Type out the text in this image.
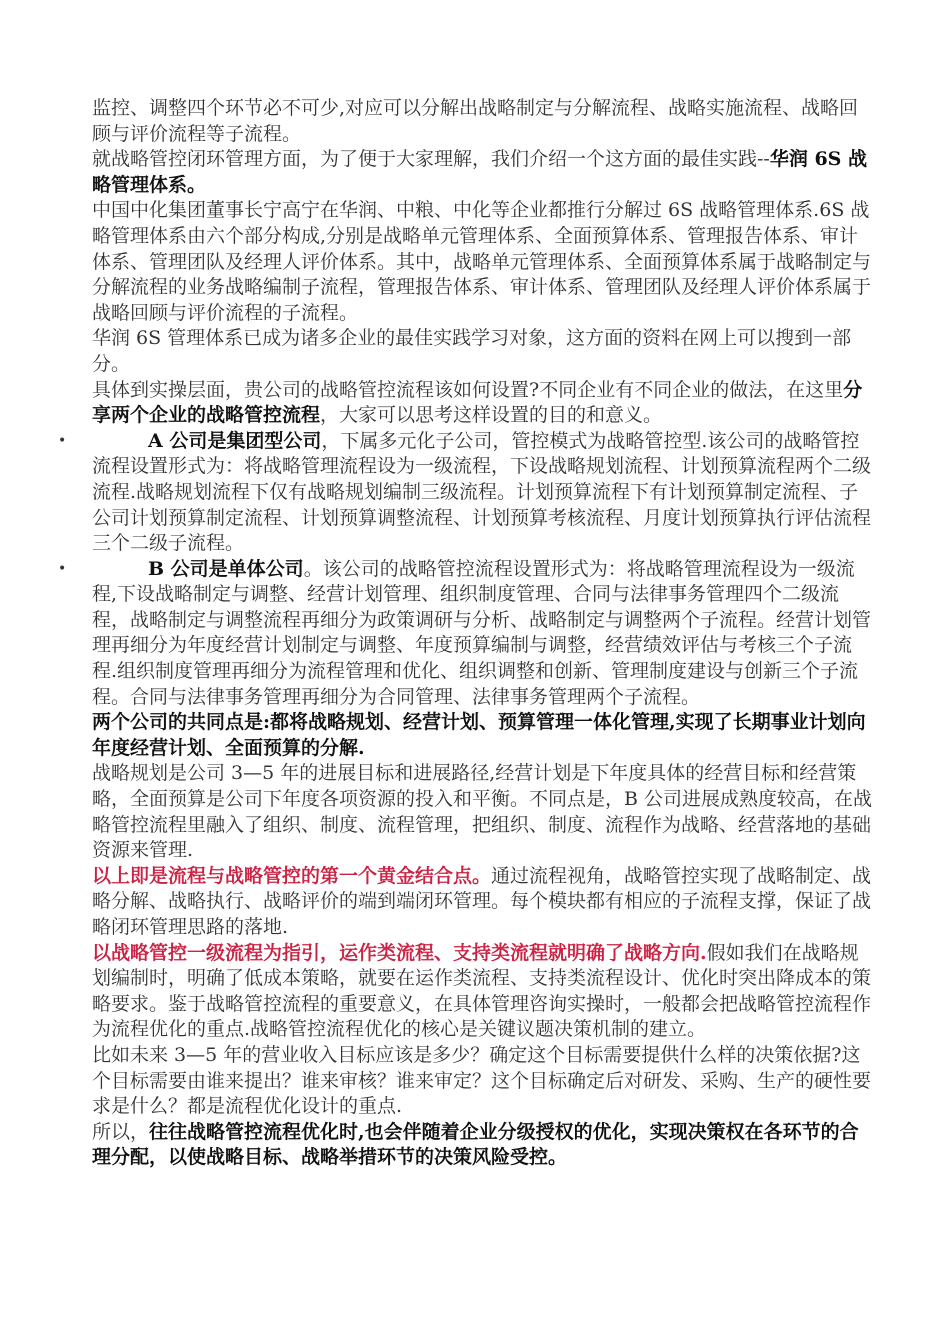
监控、调整四个环节必不可少,对应可以分解出战略制定与分解流程、战略实施流程、战略回顾与评价流程等子流程。

就战略管控闭环管理方面，为了便于大家理解，我们介绍一个这方面的最佳实践--华润 6S 战略管理体系。

中国中化集团董事长宁高宁在华润、中粮、中化等企业都推行分解过 6S 战略管理体系.6S 战略管理体系由六个部分构成,分别是战略单元管理体系、全面预算体系、管理报告体系、审计体系、管理团队及经理人评价体系。其中，战略单元管理体系、全面预算体系属于战略制定与分解流程的业务战略编制子流程，管理报告体系、审计体系、管理团队及经理人评价体系属于战略回顾与评价流程的子流程。

华润 6S 管理体系已成为诸多企业的最佳实践学习对象，这方面的资料在网上可以搜到一部分。

具体到实操层面，贵公司的战略管控流程该如何设置?不同企业有不同企业的做法，在这里分享两个企业的战略管控流程，大家可以思考这样设置的目的和意义。

•	A 公司是集团型公司，下属多元化子公司，管控模式为战略管控型.该公司的战略管控流程设置形式为：将战略管理流程设为一级流程，下设战略规划流程、计划预算流程两个二级流程.战略规划流程下仅有战略规划编制三级流程。计划预算流程下有计划预算制定流程、子公司计划预算制定流程、计划预算调整流程、计划预算考核流程、月度计划预算执行评估流程三个二级子流程。

•	B 公司是单体公司。该公司的战略管控流程设置形式为：将战略管理流程设为一级流程,下设战略制定与调整、经营计划管理、组织制度管理、合同与法律事务管理四个二级流程，战略制定与调整流程再细分为政策调研与分析、战略制定与调整两个子流程。经营计划管理再细分为年度经营计划制定与调整、年度预算编制与调整，经营绩效评估与考核三个子流程.组织制度管理再细分为流程管理和优化、组织调整和创新、管理制度建设与创新三个子流程。合同与法律事务管理再细分为合同管理、法律事务管理两个子流程。

两个公司的共同点是:都将战略规划、经营计划、预算管理一体化管理,实现了长期事业计划向年度经营计划、全面预算的分解.

战略规划是公司 3—5 年的进展目标和进展路径,经营计划是下年度具体的经营目标和经营策略，全面预算是公司下年度各项资源的投入和平衡。不同点是，B 公司进展成熟度较高，在战略管控流程里融入了组织、制度、流程管理，把组织、制度、流程作为战略、经营落地的基础资源来管理.

以上即是流程与战略管控的第一个黄金结合点。通过流程视角，战略管控实现了战略制定、战略分解、战略执行、战略评价的端到端闭环管理。每个模块都有相应的子流程支撑，保证了战略闭环管理思路的落地.

以战略管控一级流程为指引，运作类流程、支持类流程就明确了战略方向.假如我们在战略规划编制时，明确了低成本策略，就要在运作类流程、支持类流程设计、优化时突出降成本的策略要求。鉴于战略管控流程的重要意义，在具体管理咨询实操时，一般都会把战略管控流程作为流程优化的重点.战略管控流程优化的核心是关键议题决策机制的建立。

比如未来 3—5 年的营业收入目标应该是多少？确定这个目标需要提供什么样的决策依据?这个目标需要由谁来提出？谁来审核？谁来审定？这个目标确定后对研发、采购、生产的硬性要求是什么？都是流程优化设计的重点.

所以，往往战略管控流程优化时,也会伴随着企业分级授权的优化，实现决策权在各环节的合理分配，以使战略目标、战略举措环节的决策风险受控。
